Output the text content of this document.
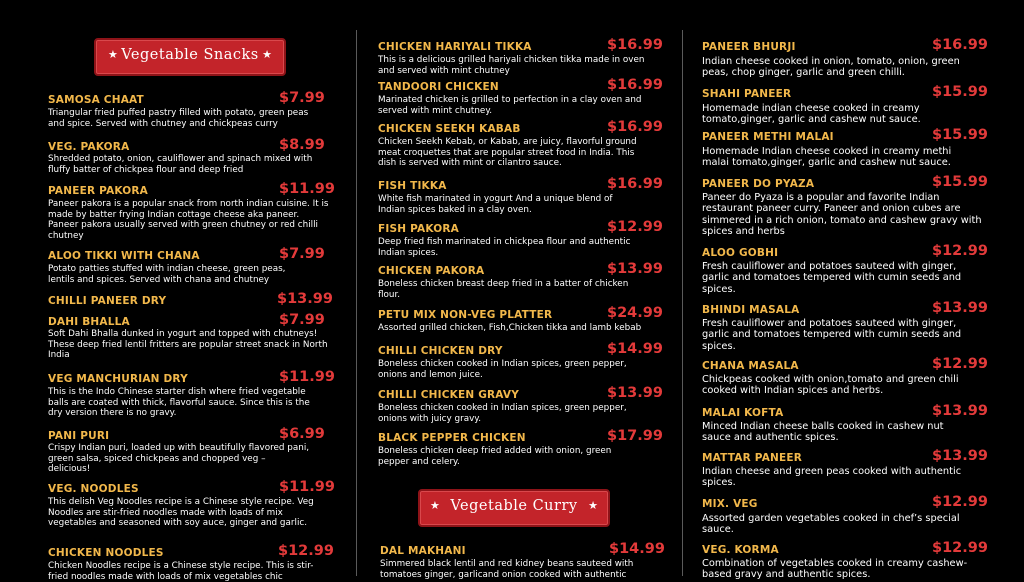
★ Vegetable Snacks ★
SAMOSA CHAAT	$7.99
Triangular fried puffed pastry filled with potato, green peas and spice. Served with chutney and chickpeas curry
VEG. PAKORA	$8.99
Shredded potato, onion, cauliflower and spinach mixed with fluffy batter of chickpea flour and deep fried
PANEER PAKORA	$11.99
Paneer pakora is a popular snack from north indian cuisine. It is made by batter frying Indian cottage cheese aka paneer. Paneer pakora usually served with green chutney or red chilli chutney
ALOO TIKKI WITH CHANA	$7.99
Potato patties stuffed with indian cheese, green peas, lentils and spices. Served with chana and chutney
CHILLI PANEER DRY	$13.99
DAHI BHALLA	$7.99
Soft Dahi Bhalla dunked in yogurt and topped with chutneys! These deep fried lentil fritters are popular street snack in North India
VEG MANCHURIAN DRY	$11.99
This is the Indo Chinese starter dish where fried vegetable balls are coated with thick, flavorful sauce. Since this is the dry version there is no gravy.
PANI PURI	$6.99
Crispy Indian puri, loaded up with beautifully flavored pani, green salsa, spiced chickpeas and chopped veg – delicious!
VEG. NOODLES	$11.99
This delish Veg Noodles recipe is a Chinese style recipe. Veg Noodles are stir-fried noodles made with loads of mix vegetables and seasoned with soy auce, ginger and garlic.
CHICKEN NOODLES	$12.99
Chicken Noodles recipe is a Chinese style recipe. This is stir-fried noodles made with loads of mix vegetables chic
CHICKEN HARIYALI TIKKA	$16.99
This is a delicious grilled hariyali chicken tikka made in oven and served with mint chutney
TANDOORI CHICKEN	$16.99
Marinated chicken is grilled to perfection in a clay oven and served with mint chutney.
CHICKEN SEEKH KABAB	$16.99
Chicken Seekh Kebab, or Kabab, are juicy, flavorful ground meat croquettes that are popular street food in India. This dish is served with mint or cilantro sauce.
FISH TIKKA	$16.99
White fish marinated in yogurt And a unique blend of Indian spices baked in a clay oven.
FISH PAKORA	$12.99
Deep fried fish marinated in chickpea flour and authentic Indian spices.
CHICKEN PAKORA	$13.99
Boneless chicken breast deep fried in a batter of chicken flour.
PETU MIX NON-VEG PLATTER	$24.99
Assorted grilled chicken, Fish,Chicken tikka and lamb kebab
CHILLI CHICKEN DRY	$14.99
Boneless chicken cooked in Indian spices, green pepper, onions and lemon juice.
CHILLI CHICKEN GRAVY	$13.99
Boneless chicken cooked in Indian spices, green pepper, onions with juicy gravy.
BLACK PEPPER CHICKEN	$17.99
Boneless chicken deep fried added with onion, green pepper and celery.
★ Vegetable Curry ★
DAL MAKHANI	$14.99
Simmered black lentil and red kidney beans sauteed with tomatoes ginger, garlicand onion cooked with authentic
PANEER BHURJI	$16.99
Indian cheese cooked in onion, tomato, onion, green peas, chop ginger, garlic and green chilli.
SHAHI PANEER	$15.99
Homemade indian cheese cooked in creamy tomato,ginger, garlic and cashew nut sauce.
PANEER METHI MALAI	$15.99
Homemade Indian cheese cooked in creamy methi malai tomato,ginger, garlic and cashew nut sauce.
PANEER DO PYAZA	$15.99
Paneer do Pyaza is a popular and favorite Indian restaurant paneer curry. Paneer and onion cubes are simmered in a rich onion, tomato and cashew gravy with spices and herbs
ALOO GOBHI	$12.99
Fresh cauliflower and potatoes sauteed with ginger, garlic and tomatoes tempered with cumin seeds and spices.
BHINDI MASALA	$13.99
Fresh cauliflower and potatoes sauteed with ginger, garlic and tomatoes tempered with cumin seeds and spices.
CHANA MASALA	$12.99
Chickpeas cooked with onion,tomato and green chili cooked with Indian spices and herbs.
MALAI KOFTA	$13.99
Minced Indian cheese balls cooked in cashew nut sauce and authentic spices.
MATTAR PANEER	$13.99
Indian cheese and green peas cooked with authentic spices.
MIX. VEG	$12.99
Assorted garden vegetables cooked in chef’s special sauce.
VEG. KORMA	$12.99
Combination of vegetables cooked in creamy cashew-based gravy and authentic spices.
